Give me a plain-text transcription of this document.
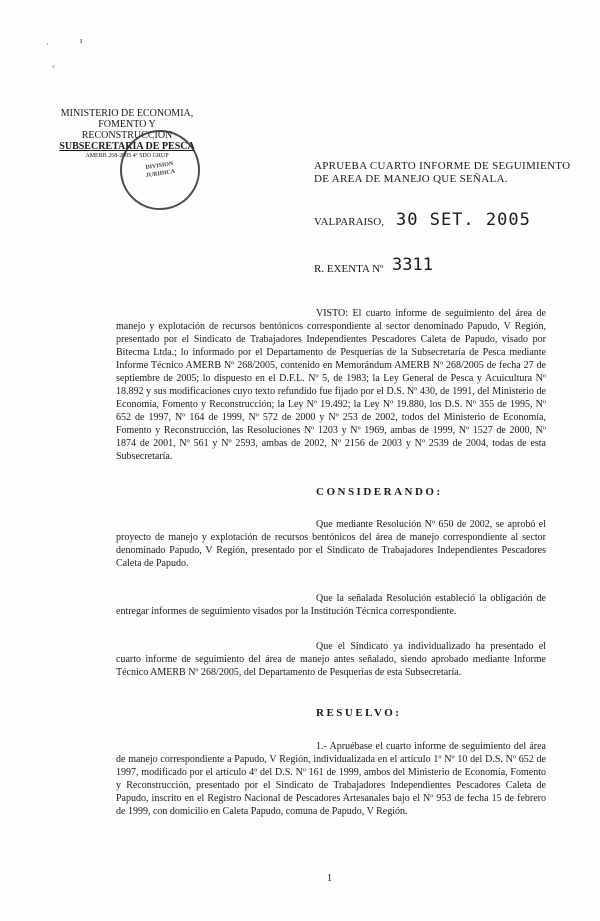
·	ı
◦
MINISTERIO DE ECONOMIA,
FOMENTO Y RECONSTRUCCION
SUBSECRETARIA DE PESCA
AMERB 268-2005 4º SDO GRUP
DIVISION
JURIDICA
APRUEBA CUARTO INFORME DE SEGUIMIENTO
DE AREA DE MANEJO QUE SEÑALA.
VALPARAISO, 30 SET. 2005
R. EXENTA Nº 3311
VISTO: El cuarto informe de seguimiento del área de manejo y explotación de recursos bentónicos correspondiente al sector denominado Papudo, V Región, presentado por el Sindicato de Trabajadores Independientes Pescadores Caleta de Papudo, visado por Bitecma Ltda.; lo informado por el Departamento de Pesquerías de la Subsecretaría de Pesca mediante Informe Técnico AMERB Nº 268/2005, contenido en Memorándum AMERB Nº 268/2005 de fecha 27 de septiembre de 2005; lo dispuesto en el D.F.L. Nº 5, de 1983; la Ley General de Pesca y Acuicultura Nº 18.892 y sus modificaciones cuyo texto refundido fue fijado por el D.S. Nº 430, de 1991, del Ministerio de Economía, Fomento y Reconstrucción; la Ley Nº 19.492; la Ley Nº 19.880, los D.S. Nº 355 de 1995, Nº 652 de 1997, Nº 164 de 1999, Nº 572 de 2000 y Nº 253 de 2002, todos del Ministerio de Economía, Fomento y Reconstrucción, las Resoluciones Nº 1203 y Nº 1969, ambas de 1999, Nº 1527 de 2000, Nº 1874 de 2001, Nº 561 y Nº 2593, ambas de 2002, Nº 2156 de 2003 y Nº 2539 de 2004, todas de esta Subsecretaría.
CONSIDERANDO:
Que mediante Resolución Nº 650 de 2002, se aprobó el proyecto de manejo y explotación de recursos bentónicos del área de manejo correspondiente al sector denominado Papudo, V Región, presentado por el Sindicato de Trabajadores Independientes Pescadores Caleta de Papudo.
Que la señalada Resolución estableció la obligación de entregar informes de seguimiento visados por la Institución Técnica correspondiente.
Que el Sindicato ya individualizado ha presentado el cuarto informe de seguimiento del área de manejo antes señalado, siendo aprobado mediante Informe Técnico AMERB Nº 268/2005, del Departamento de Pesquerías de esta Subsecretaría.
RESUELVO:
1.- Apruébase el cuarto informe de seguimiento del área de manejo correspondiente a Papudo, V Región, individualizada en el artículo 1º Nº 10 del D.S. Nº 652 de 1997, modificado por el artículo 4º del D.S. Nº 161 de 1999, ambos del Ministerio de Economía, Fomento y Reconstrucción, presentado por el Sindicato de Trabajadores Independientes Pescadores Caleta de Papudo, inscrito en el Registro Nacional de Pescadores Artesanales bajo el Nº 953 de fecha 15 de febrero de 1999, con domicilio en Caleta Papudo, comuna de Papudo, V Región.
1
